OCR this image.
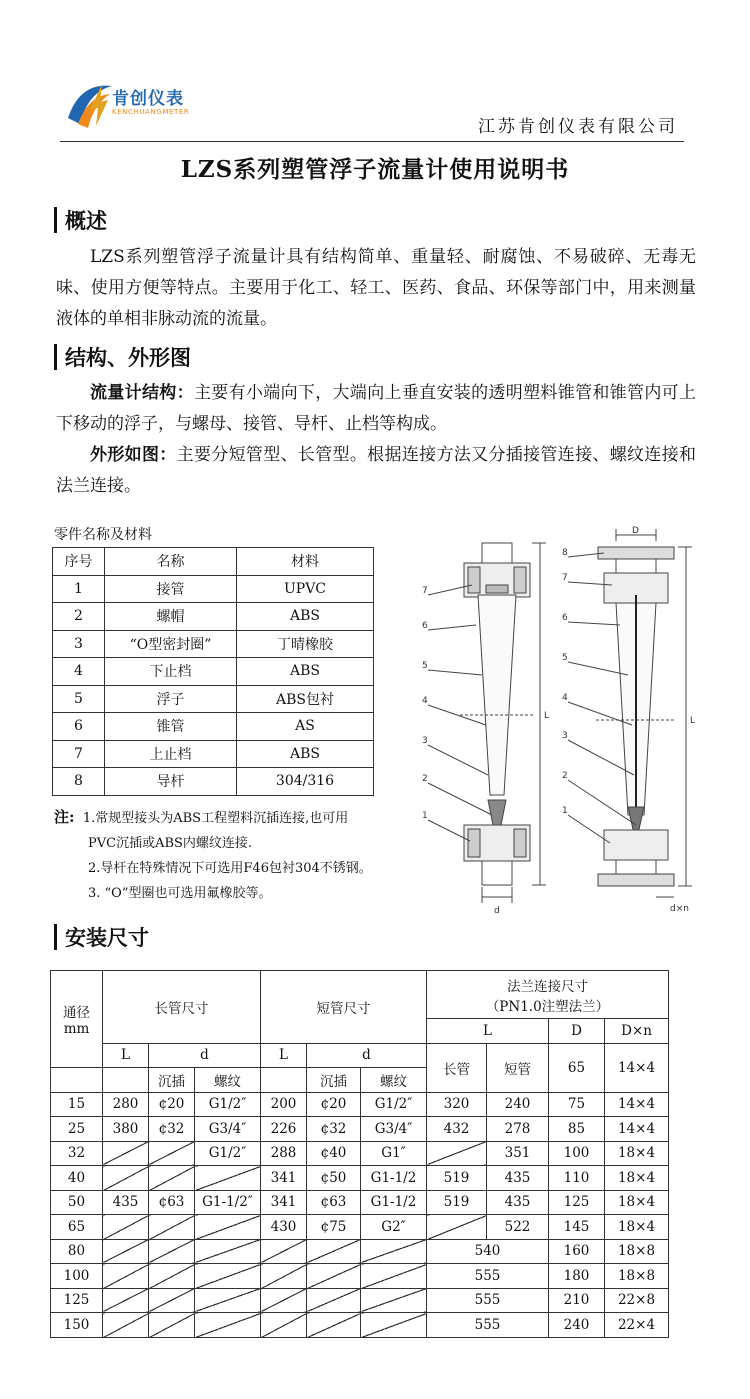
肯创仪表
KENCHUANGMETER
江苏肯创仪表有限公司
LZS系列塑管浮子流量计使用说明书
概述

LZS系列塑管浮子流量计具有结构简单、重量轻、耐腐蚀、不易破碎、无毒无味、使用方便等特点。主要用于化工、轻工、医药、食品、环保等部门中，用来测量液体的单相非脉动流的流量。

结构、外形图

流量计结构：主要有小端向下，大端向上垂直安装的透明塑料锥管和锥管内可上下移动的浮子，与螺母、接管、导杆、止档等构成。

外形如图：主要分短管型、长管型。根据连接方法又分插接管连接、螺纹连接和法兰连接。

零件名称及材料
序号	名称	材料
1	接管	UPVC
2	螺帽	ABS
3	“O型密封圈”	丁晴橡胶
4	下止档	ABS
5	浮子	ABS包衬
6	锥管	AS
7	上止档	ABS
8	导杆	304/316
注: 1.常规型接头为ABS工程塑料沉插连接,也可用
PVC沉插或ABS内螺纹连接.
2.导杆在特殊情况下可选用F46包衬304不锈钢。
3. “O”型圈也可选用氟橡胶等。
7
6
5
4
3
2
1
L
d
8
7
6
5
4
3
2
1
L
D
d×n
安装尺寸
通径
mm	长管尺寸			短管尺寸			法兰连接尺寸
（PN1.0注塑法兰）			

							L		D	D×n
	L	d		L	d		长管	短管	65	14×4
		沉插	螺纹		沉插	螺纹				
15	280	¢20	G1/2″	200	¢20	G1/2″	320	240	75	14×4
25	380	¢32	G3/4″	226	¢32	G3/4″	432	278	85	14×4
32			G1/2″	288	¢40	G1″		351	100	18×4
40				341	¢50	G1-1/2	519	435	110	18×4
50	435	¢63	G1-1/2″	341	¢63	G1-1/2	519	435	125	18×4
65				430	¢75	G2″		522	145	18×4
80							540		160	18×8
100							555		180	18×8
125							555		210	22×8
150							555		240	22×4
